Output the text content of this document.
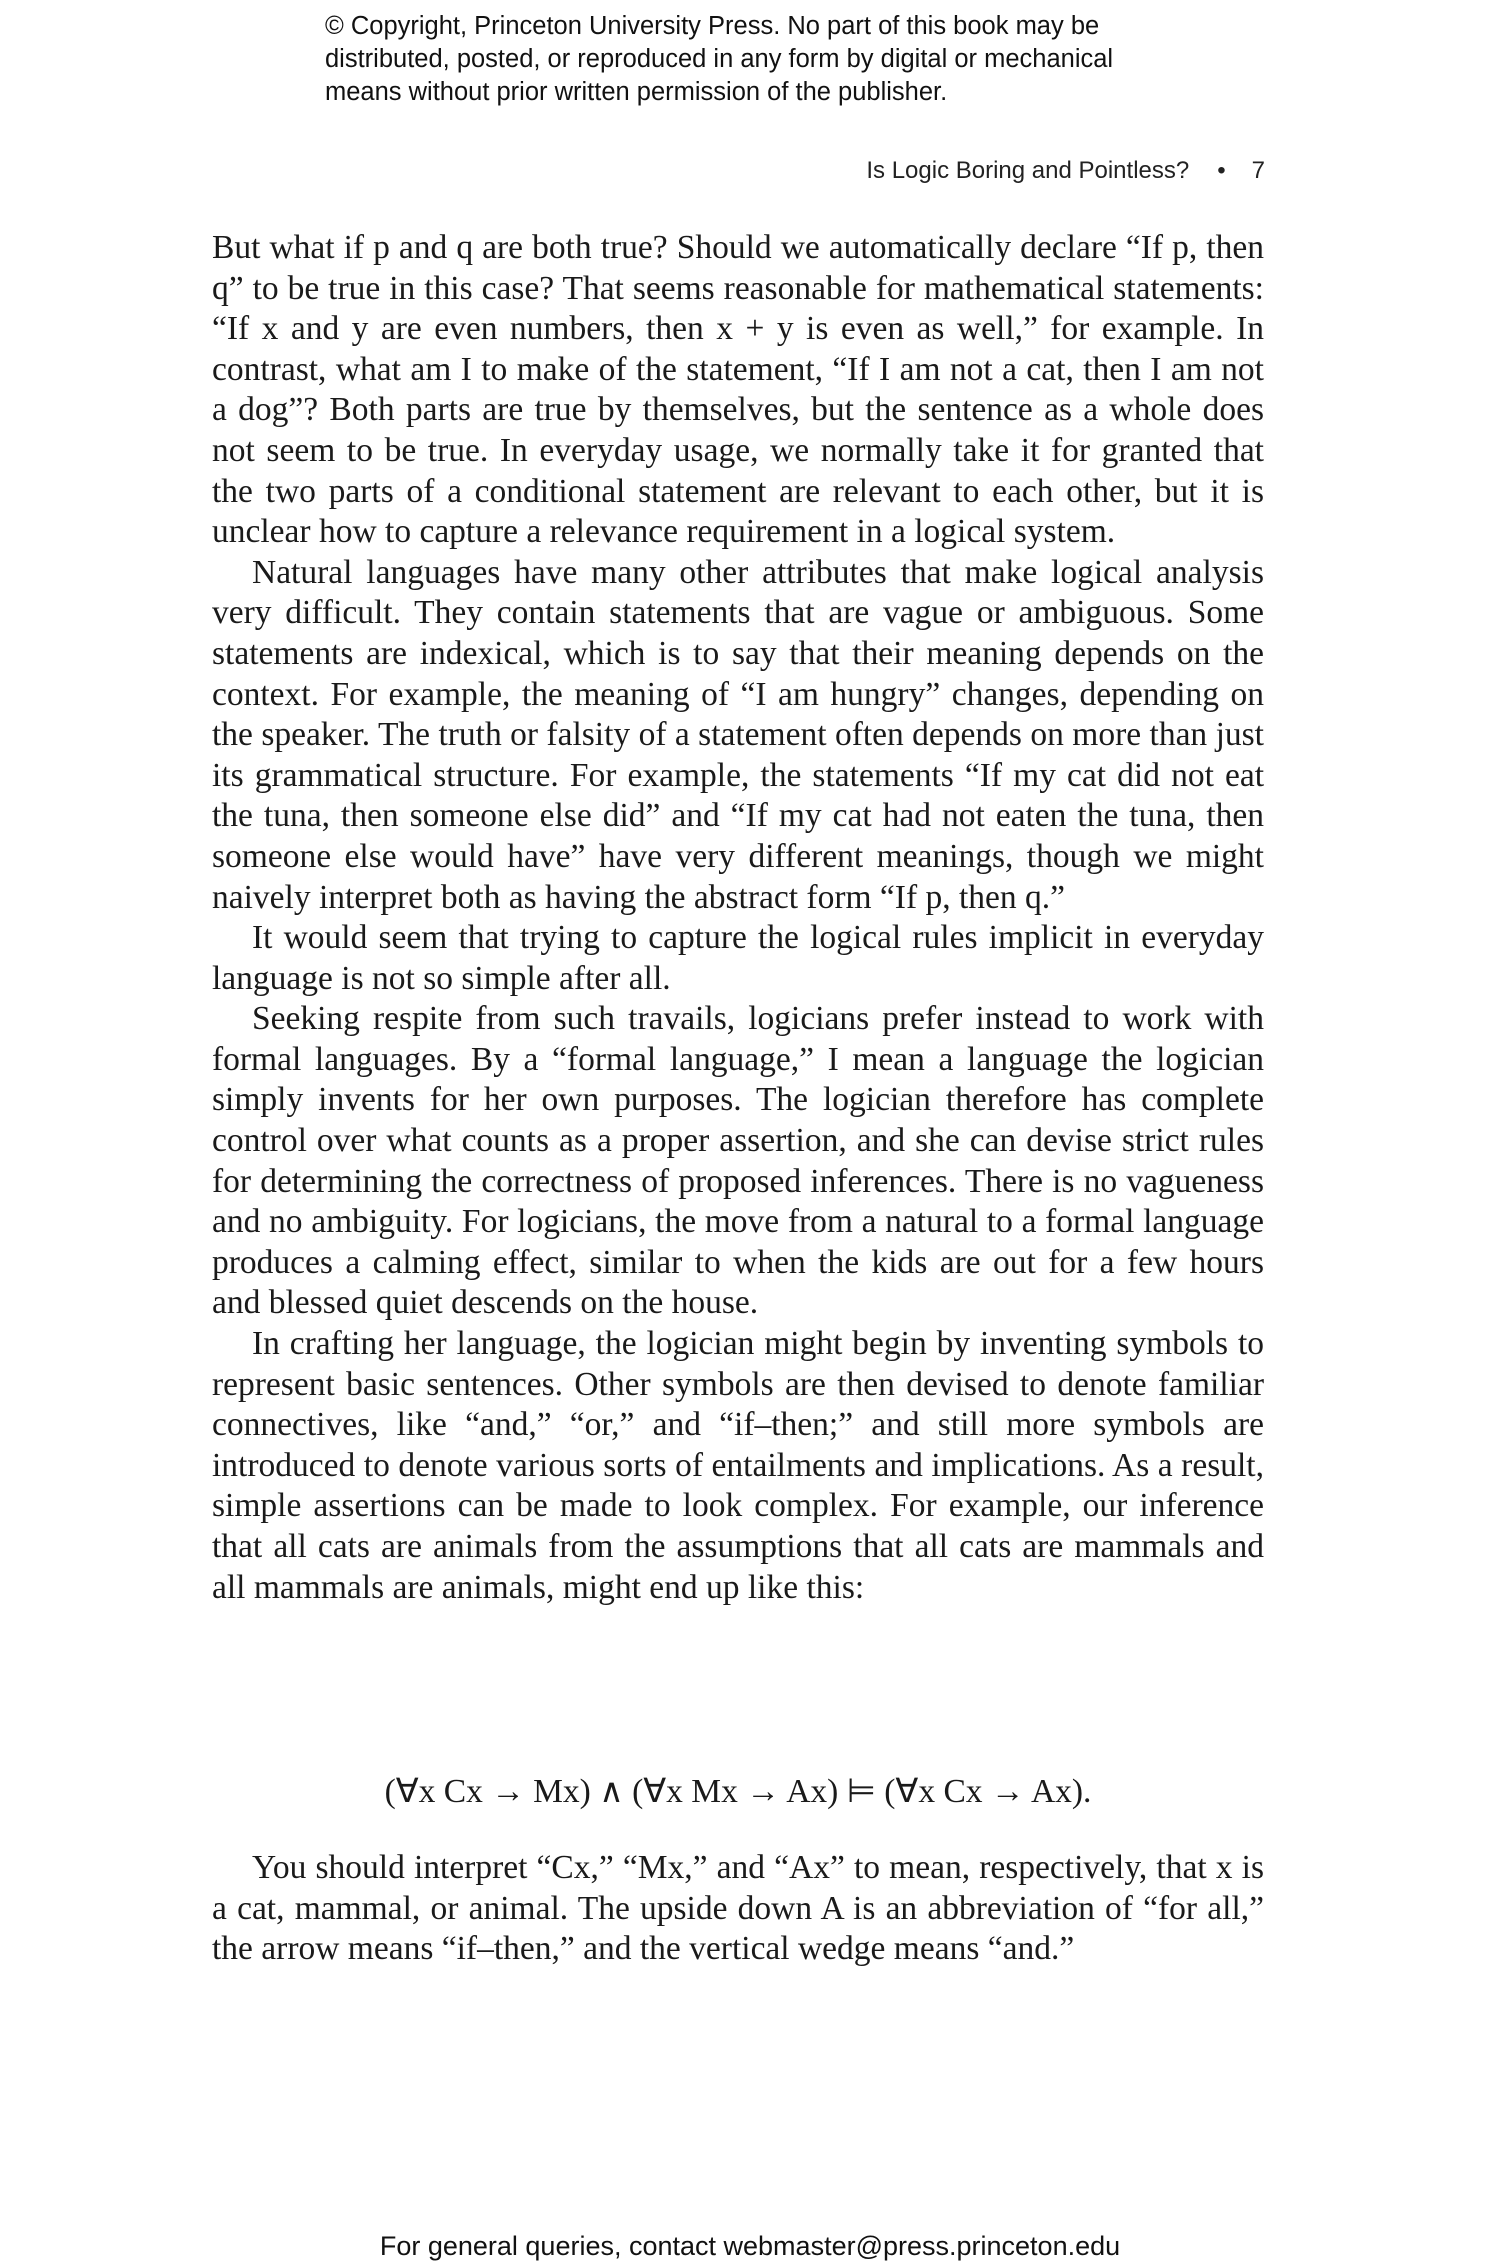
© Copyright, Princeton University Press. No part of this book may be
distributed, posted, or reproduced in any form by digital or mechanical
means without prior written permission of the publisher.
Is Logic Boring and Pointless? • 7

But what if p and q are both true? Should we automatically declare “If p, then q” to be true in this case? That seems reasonable for mathematical statements: “If x and y are even numbers, then x + y is even as well,” for example. In contrast, what am I to make of the statement, “If I am not a cat, then I am not a dog”? Both parts are true by themselves, but the sentence as a whole does not seem to be true. In everyday usage, we normally take it for granted that the two parts of a conditional statement are relevant to each other, but it is unclear how to capture a relevance requirement in a logical system.

Natural languages have many other attributes that make logical analysis very difficult. They contain statements that are vague or ambiguous. Some statements are indexical, which is to say that their meaning depends on the context. For example, the meaning of “I am hungry” changes, depending on the speaker. The truth or falsity of a statement often depends on more than just its grammatical structure. For example, the statements “If my cat did not eat the tuna, then someone else did” and “If my cat had not eaten the tuna, then someone else would have” have very different meanings, though we might naively interpret both as having the abstract form “If p, then q.”

It would seem that trying to capture the logical rules implicit in everyday language is not so simple after all.

Seeking respite from such travails, logicians prefer instead to work with formal languages. By a “formal language,” I mean a language the logician simply invents for her own purposes. The logician therefore has complete control over what counts as a proper assertion, and she can devise strict rules for determining the correctness of proposed inferences. There is no vagueness and no ambiguity. For logicians, the move from a natural to a formal language produces a calming effect, similar to when the kids are out for a few hours and blessed quiet descends on the house.

In crafting her language, the logician might begin by inventing symbols to represent basic sentences. Other symbols are then devised to denote familiar connectives, like “and,” “or,” and “if–then;” and still more symbols are introduced to denote various sorts of entailments and implications. As a result, simple assertions can be made to look complex. For example, our inference that all cats are animals from the assumptions that all cats are mammals and all mammals are animals, might end up like this:

(∀x Cx → Mx) ∧ (∀x Mx → Ax) ⊨ (∀x Cx → Ax).

You should interpret “Cx,” “Mx,” and “Ax” to mean, respectively, that x is a cat, mammal, or animal. The upside down A is an abbreviation of “for all,” the arrow means “if–then,” and the vertical wedge means “and.”

For general queries, contact webmaster@press.princeton.edu
